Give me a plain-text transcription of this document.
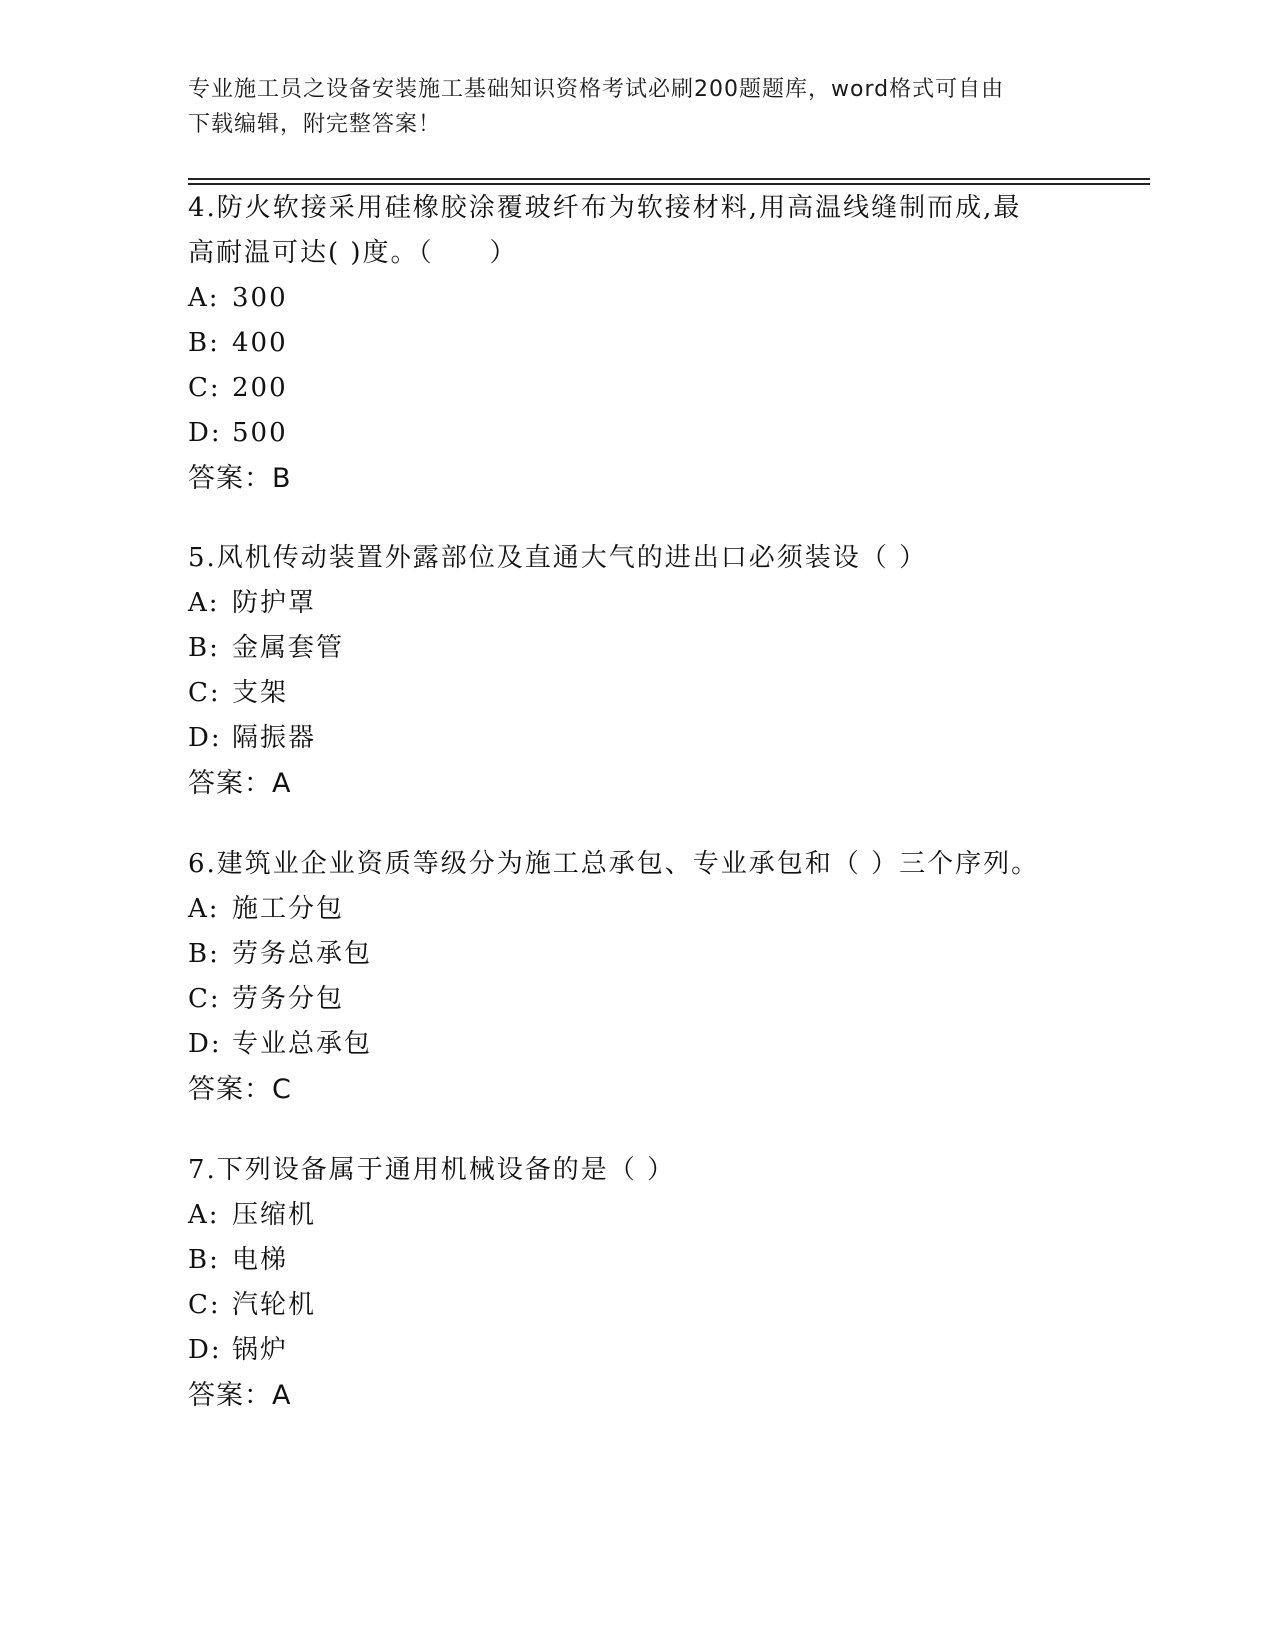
专业施工员之设备安装施工基础知识资格考试必刷200题题库，word格式可自由
下载编辑，附完整答案！
4.防火软接采用硅橡胶涂覆玻纤布为软接材料,用高温线缝制而成,最
高耐温可达( )度。（　　）
A: 300
B: 400
C: 200
D: 500
答案：B
5.风机传动装置外露部位及直通大气的进出口必须装设（ ）
A: 防护罩
B: 金属套管
C: 支架
D: 隔振器
答案：A
6.建筑业企业资质等级分为施工总承包、专业承包和（ ）三个序列。
A: 施工分包
B: 劳务总承包
C: 劳务分包
D: 专业总承包
答案：C
7.下列设备属于通用机械设备的是（ ）
A: 压缩机
B: 电梯
C: 汽轮机
D: 锅炉
答案：A
